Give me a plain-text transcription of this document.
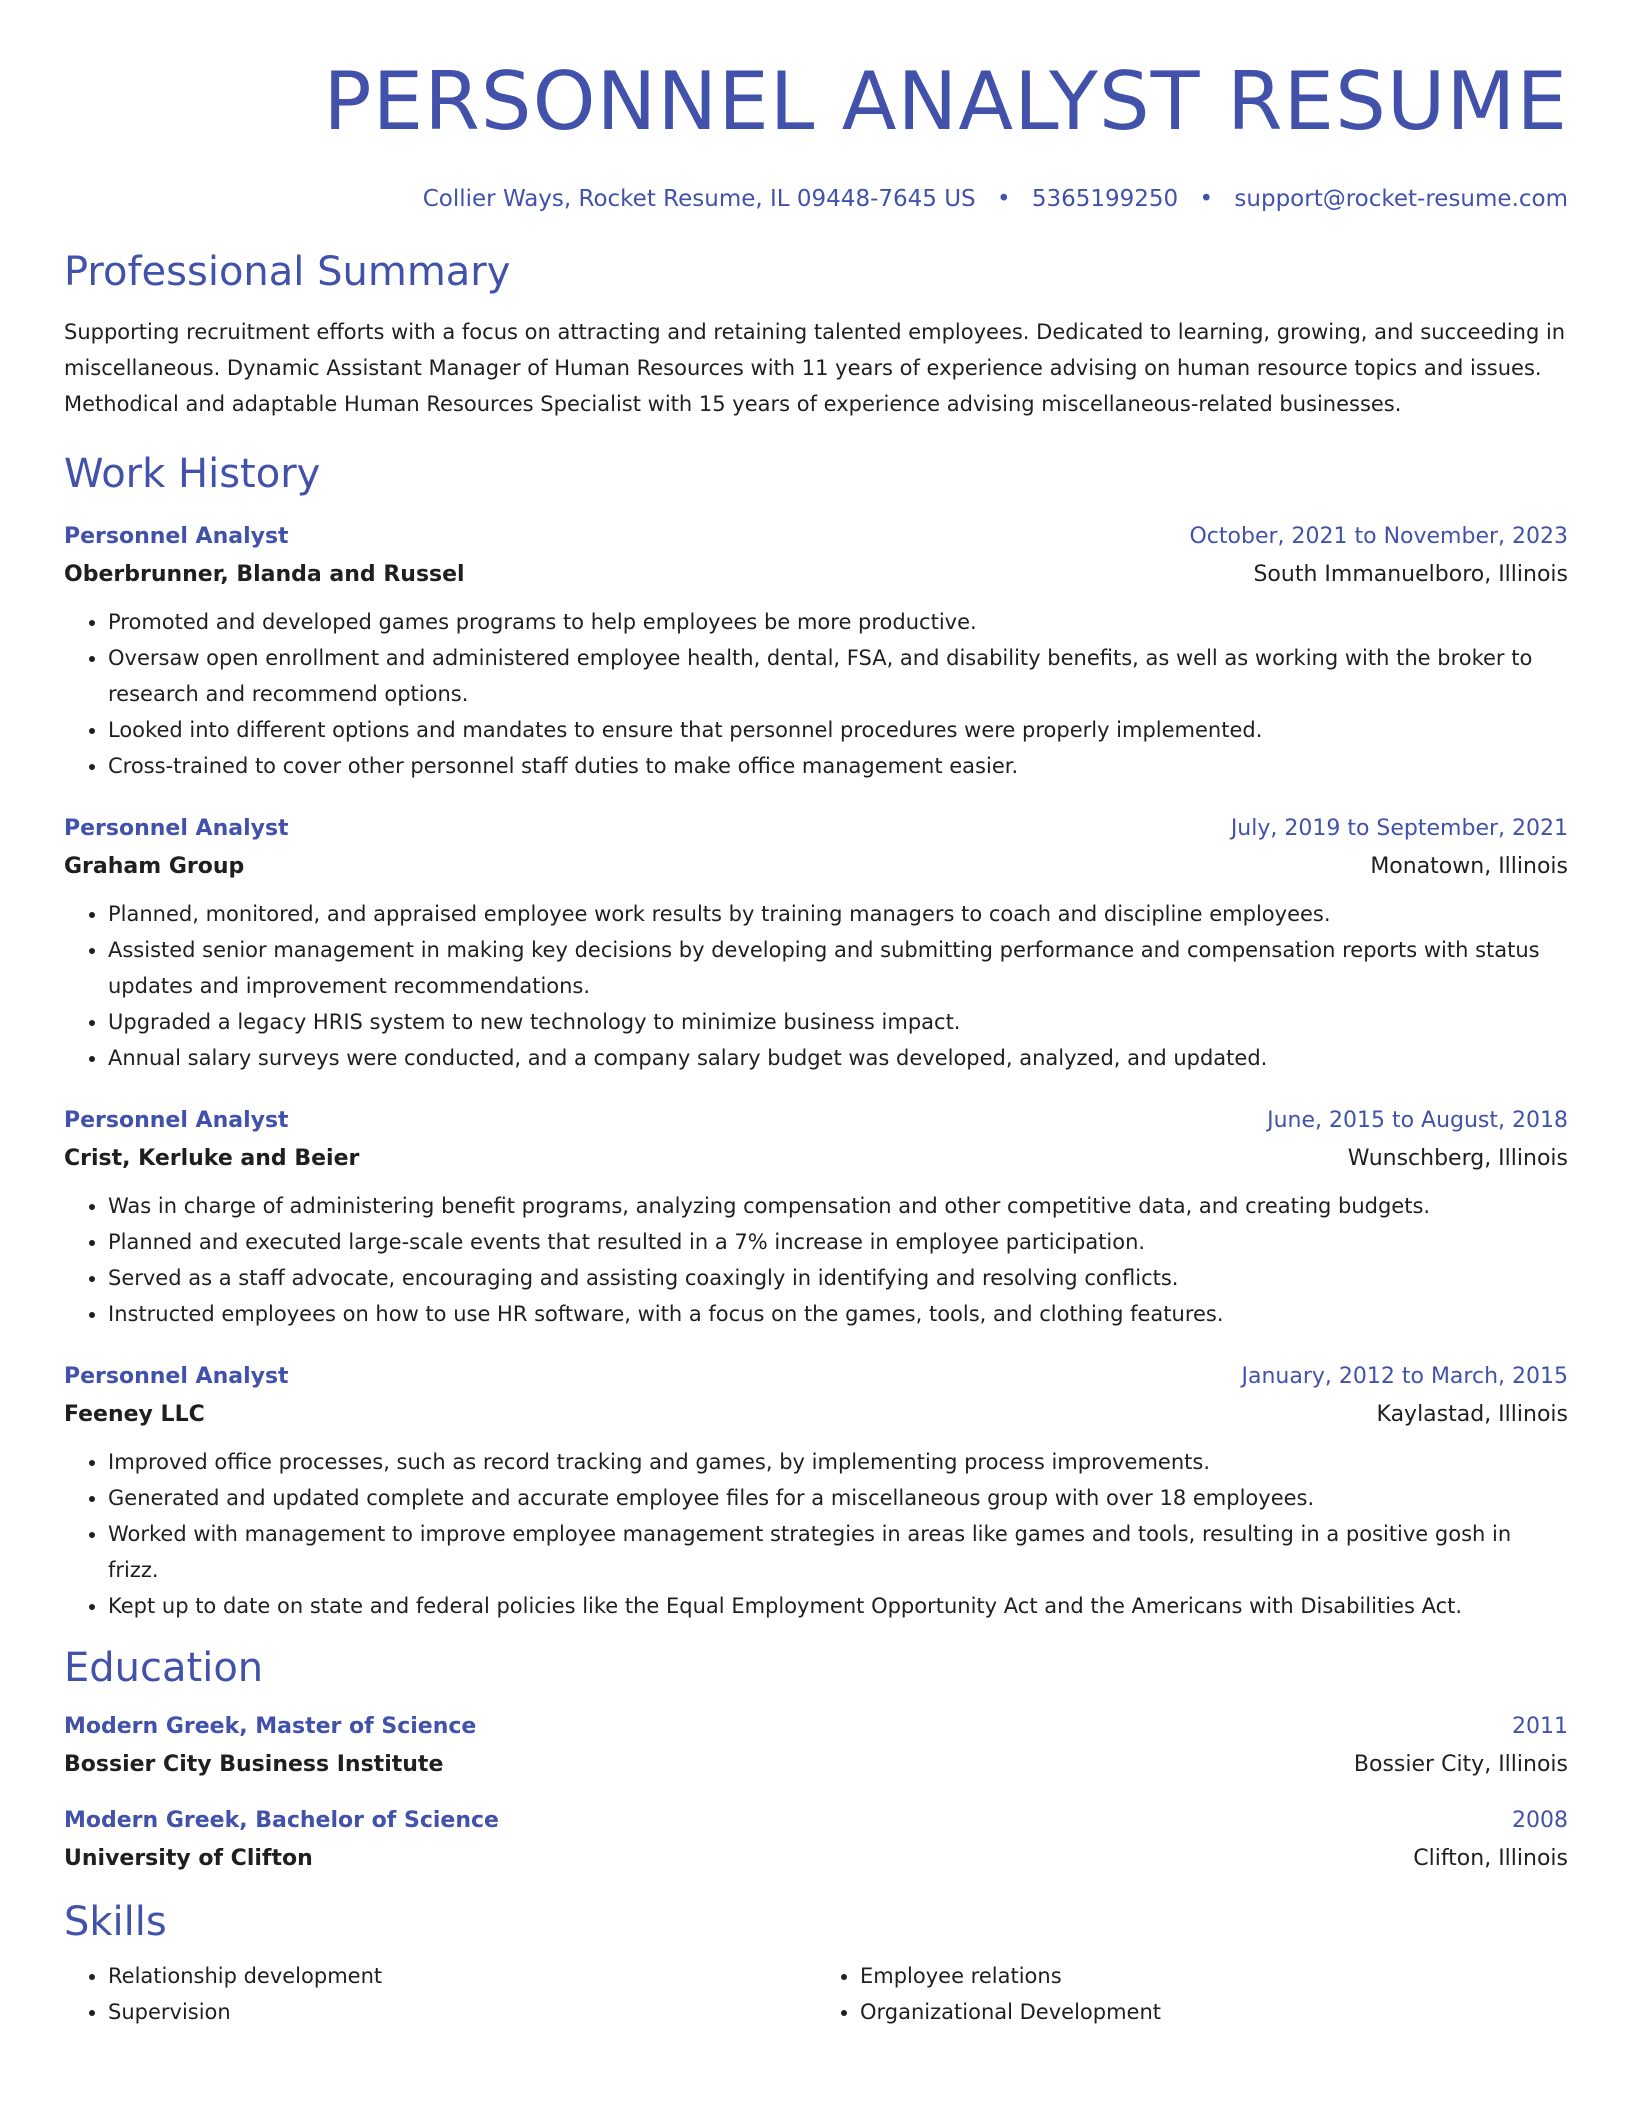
PERSONNEL ANALYST RESUME
Collier Ways, Rocket Resume, IL 09448-7645 US • 5365199250 • support@rocket-resume.com
Professional Summary
Supporting recruitment efforts with a focus on attracting and retaining talented employees. Dedicated to learning, growing, and succeeding in miscellaneous. Dynamic Assistant Manager of Human Resources with 11 years of experience advising on human resource topics and issues. Methodical and adaptable Human Resources Specialist with 15 years of experience advising miscellaneous-related businesses.
Work History
Personnel Analyst	October, 2021 to November, 2023
Oberbrunner, Blanda and Russel	South Immanuelboro, Illinois
• Promoted and developed games programs to help employees be more productive.
• Oversaw open enrollment and administered employee health, dental, FSA, and disability benefits, as well as working with the broker to research and recommend options.
• Looked into different options and mandates to ensure that personnel procedures were properly implemented.
• Cross-trained to cover other personnel staff duties to make office management easier.
Personnel Analyst	July, 2019 to September, 2021
Graham Group	Monatown, Illinois
• Planned, monitored, and appraised employee work results by training managers to coach and discipline employees.
• Assisted senior management in making key decisions by developing and submitting performance and compensation reports with status updates and improvement recommendations.
• Upgraded a legacy HRIS system to new technology to minimize business impact.
• Annual salary surveys were conducted, and a company salary budget was developed, analyzed, and updated.
Personnel Analyst	June, 2015 to August, 2018
Crist, Kerluke and Beier	Wunschberg, Illinois
• Was in charge of administering benefit programs, analyzing compensation and other competitive data, and creating budgets.
• Planned and executed large-scale events that resulted in a 7% increase in employee participation.
• Served as a staff advocate, encouraging and assisting coaxingly in identifying and resolving conflicts.
• Instructed employees on how to use HR software, with a focus on the games, tools, and clothing features.
Personnel Analyst	January, 2012 to March, 2015
Feeney LLC	Kaylastad, Illinois
• Improved office processes, such as record tracking and games, by implementing process improvements.
• Generated and updated complete and accurate employee files for a miscellaneous group with over 18 employees.
• Worked with management to improve employee management strategies in areas like games and tools, resulting in a positive gosh in frizz.
• Kept up to date on state and federal policies like the Equal Employment Opportunity Act and the Americans with Disabilities Act.
Education
Modern Greek, Master of Science	2011
Bossier City Business Institute	Bossier City, Illinois
Modern Greek, Bachelor of Science	2008
University of Clifton	Clifton, Illinois
Skills
• Relationship development
• Supervision
• Employee relations
• Organizational Development
